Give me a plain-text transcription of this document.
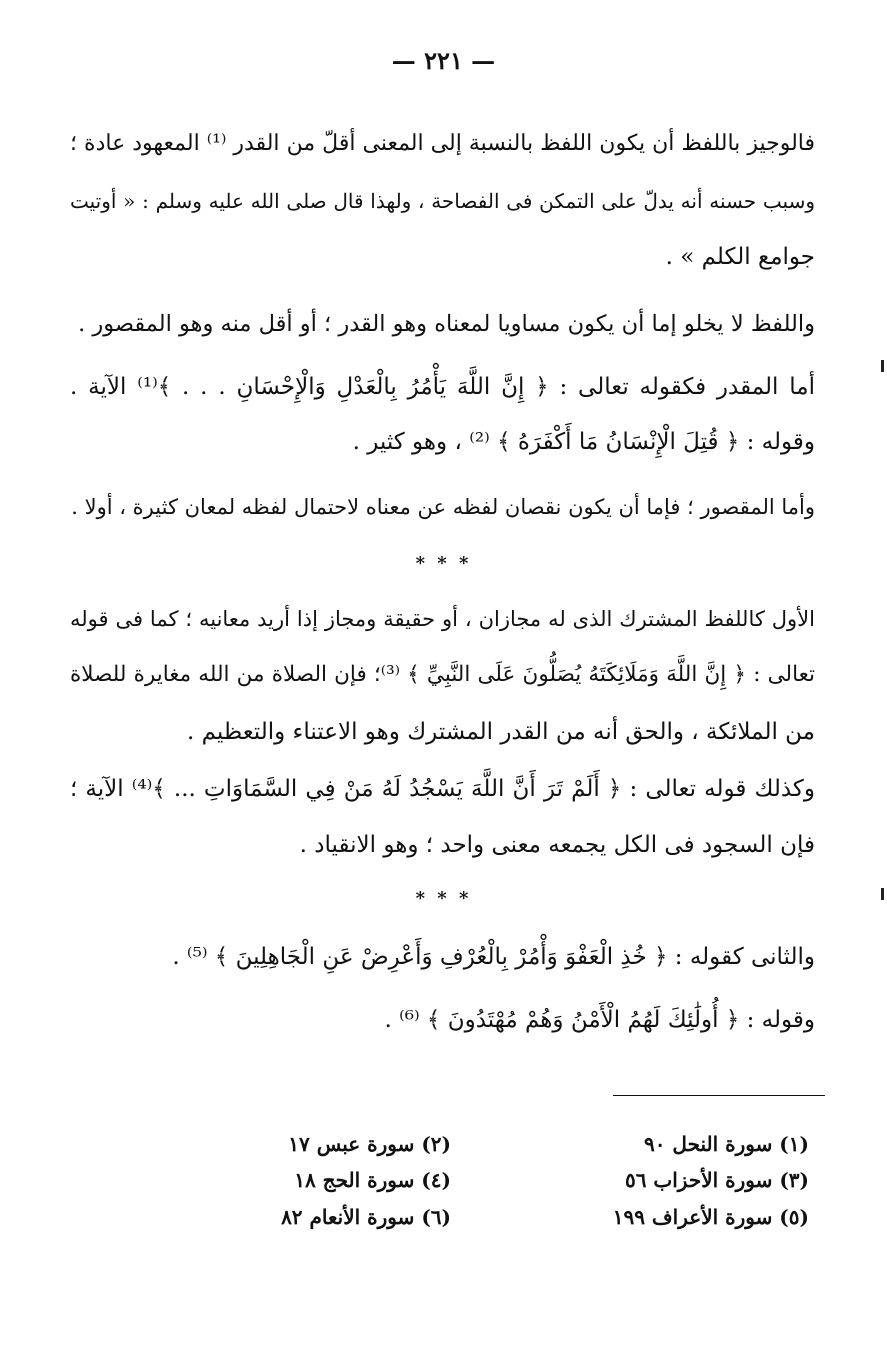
— ٢٢١ —
فالوجيز باللفظ أن يكون اللفظ بالنسبة إلى المعنى أقلّ من القدر ⁽¹⁾ المعهود عادة ؛
وسبب حسنه أنه يدلّ على التمكن فى الفصاحة ، ولهذا قال صلى الله عليه وسلم : « أوتيت
جوامع الكلم » .
واللفظ لا يخلو إما أن يكون مساويا لمعناه وهو القدر ؛ أو أقل منه وهو المقصور .
أما المقدر فكقوله تعالى : ﴿ إِنَّ اللَّهَ يَأْمُرُ بِالْعَدْلِ وَالْإِحْسَانِ . . . ﴾⁽¹⁾ الآية .
وقوله : ﴿ قُتِلَ الْإِنْسَانُ مَا أَكْفَرَهُ ﴾ ⁽²⁾ ، وهو كثير .
وأما المقصور ؛ فإما أن يكون نقصان لفظه عن معناه لاحتمال لفظه لمعان كثيرة ، أولا .
* * *
الأول كاللفظ المشترك الذى له مجازان ، أو حقيقة ومجاز إذا أريد معانيه ؛ كما فى قوله
تعالى : ﴿ إِنَّ اللَّهَ وَمَلَائِكَتَهُ يُصَلُّونَ عَلَى النَّبِيِّ ﴾ ⁽³⁾؛ فإن الصلاة من الله مغايرة للصلاة
من الملائكة ، والحق أنه من القدر المشترك وهو الاعتناء والتعظيم .
وكذلك قوله تعالى : ﴿ أَلَمْ تَرَ أَنَّ اللَّهَ يَسْجُدُ لَهُ مَنْ فِي السَّمَاوَاتِ ... ﴾⁽⁴⁾ الآية ؛
فإن السجود فى الكل يجمعه معنى واحد ؛ وهو الانقياد .
* * *
والثانى كقوله : ﴿ خُذِ الْعَفْوَ وَأْمُرْ بِالْعُرْفِ وَأَعْرِضْ عَنِ الْجَاهِلِينَ ﴾ ⁽⁵⁾ .
وقوله : ﴿ أُولَٰئِكَ لَهُمُ الْأَمْنُ وَهُمْ مُهْتَدُونَ ﴾ ⁽⁶⁾ .
(١) سورة النحل ٩٠
(٢) سورة عبس ١٧
(٣) سورة الأحزاب ٥٦
(٤) سورة الحج ١٨
(٥) سورة الأعراف ١٩٩
(٦) سورة الأنعام ٨٢
